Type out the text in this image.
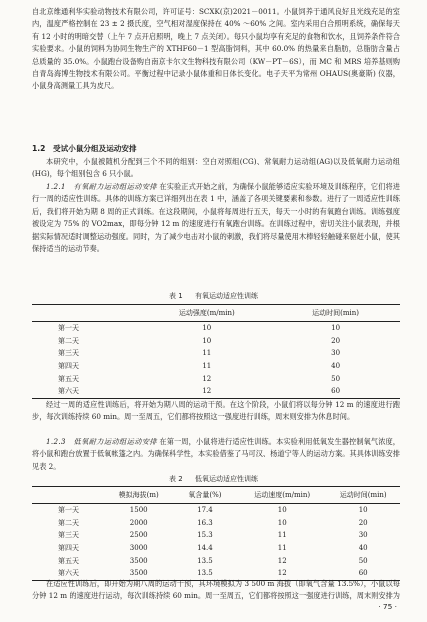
自北京维通利华实验动物技术有限公司，许可证号：SCXK(京)2021－0011。小鼠饲养于通风良好且光线充足的室内，温度严格控制在 23 ± 2 摄氏度，空气相对湿度保持在 40% ～60% 之间。室内采用白合照明系统，确保每天有 12 小时的明暗交替（上午 7 点开启照明，晚上 7 点关闭）。每只小鼠均享有充足的食物和饮水，且饲养条件符合实验要求。小鼠的饲料为协同生物生产的 XTHF60－1 型高脂饲料，其中 60.0% 的热量来自脂肪，总脂肪含量占总质量的 35.0%。小鼠跑台设备购自南京卡尔文生物科技有限公司（KW－PT－6S），而 MC 和 MRS 培养基则购自青岛海博生物技术有限公司。平衡过程中记录小鼠体重和日体长变化。电子天平为常州 OHAUS(奥豪斯) 仪器，小鼠身高测量工具为皮尺。

1.2　受试小鼠分组及运动安排

本研究中，小鼠被随机分配到三个不同的组别：空白对照组(CG)、常氧耐力运动组(AG)以及低氧耐力运动组(HG)，每个组别包含 6 只小鼠。

1.2.1　有氧耐力运动组运动安排 在实验正式开始之前，为确保小鼠能够适应实验环境及训练程序，它们将进行一周的适应性训练。具体的训练方案已详细列出在表 1 中，涵盖了各项关键要素和参数。进行了一周适应性训练后，我们将开始为期 8 周的正式训练。在这段期间，小鼠将每周进行五天，每天一小时的有氧跑台训练。训练强度被设定为 75% 的 VO2max，即每分钟 12 m 的速度进行有氧跑台训练。在训练过程中，密切关注小鼠表现，并根据实际情况适时调整运动强度。同时，为了减少电击对小鼠的刺激，我们将尽量使用木棒轻轻触碰来驱赶小鼠，使其保持适当的运动节奏。

表 1 有氧运动适应性训练
	运动强度(m/min)	运动时间(min)
第一天	10	10
第二天	10	20
第三天	11	30
第四天	11	40
第五天	12	50
第六天	12	60

经过一周的适应性训练后，将开始为期八周的运动干预。在这个阶段，小鼠们将以每分钟 12 m 的速度进行跑步，每次训练持续 60 min。周一至周五，它们都将按照这一强度进行训练，周末则安排为休息时间。

1.2.3　低氧耐力运动组运动安排 在第一周，小鼠将进行适应性训练。本实验利用低氧发生器控制氧气浓度，将小鼠和跑台放置于低氧帐篷之内。为确保科学性，本实验借鉴了马可汉、杨道宁等人的运动方案。其具体训练安排见表 2。

表 2 低氧运动适应性训练
	模拟海拔(m)	氧含量(%)	运动速度(m/min)	运动时间(min)
第一天	1500	17.4	10	10
第二天	2000	16.3	10	20
第三天	2500	15.3	11	30
第四天	3000	14.4	11	40
第五天	3500	13.5	12	50
第六天	3500	13.5	12	60

在适应性训练后，即开始为期八周的运动干预，其环境模拟为 3 500 m 海拔（即氧气含量 13.5%），小鼠以每分钟 12 m 的速度进行运动，每次训练持续 60 min。周一至周五，它们都将按照这一强度进行训练，周末则安排为

· 75 ·
